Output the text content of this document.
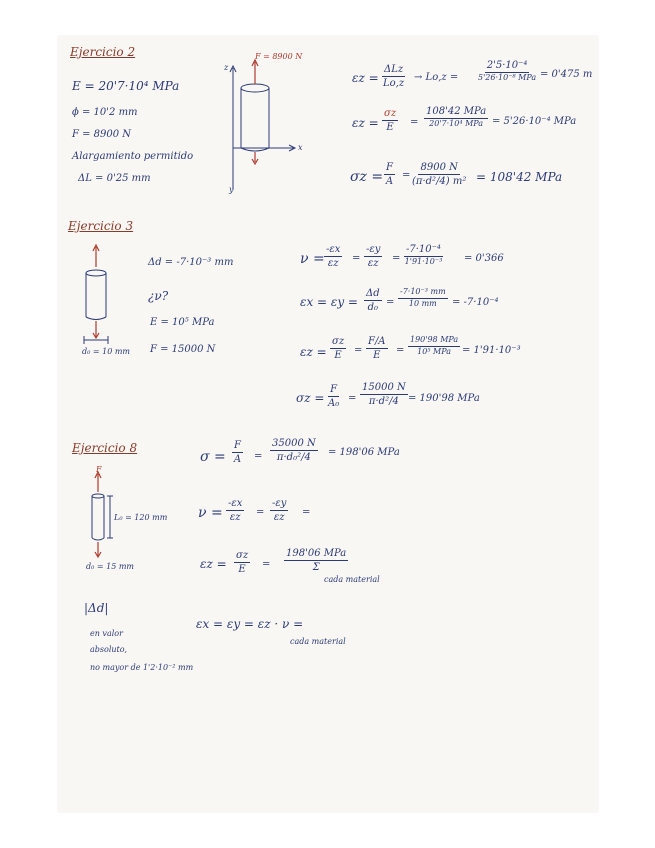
Ejercicio 2
E = 20'7·10⁴ MPa
ϕ = 10'2 mm
F = 8900 N
Alargamiento permitido
ΔL = 0'25 mm
F = 8900 N
z
x
y
εz =
ΔLz
Lo,z
→ Lo,z =
2'5·10⁻⁴
5'26·10⁻⁸ MPa = 0'475 m
$\varepsilon z = \frac{\sigma z}{E}$ =
108'42 MPa
20'7·10⁴ MPa = 5'26·10⁻⁴ MPa
$\sigma z = \frac{F}{A} = \frac{8900 N}{\text{(π·d²/4) m²}} = 108'42$ MPa
Ejercicio 3
d₀ = 10 mm
Δd = -7·10⁻³ mm
¿ν?
E = 10⁵ MPa
F = 15000 N
$\nu = \frac{-\varepsilon x}{\varepsilon z} = \frac{-\varepsilon y}{\varepsilon z}$ =
-7·10⁻⁴
1'91·10⁻³ = 0'366
$\varepsilon x = \varepsilon y = \frac{\Delta d}{\text{d₀}} = \frac{\text{-7·10⁻³ mm}}{10 mm} = -7\cdot 10^{-4}$
$\varepsilon z = \frac{\sigma z}{E} = \frac{F/A}{E}$ =
190'98 MPa
10⁵ MPa = 1'91·10⁻³
$\sigma z = \frac{F}{\text{A₀}} = \frac{15000 N}{\text{π·d²/4}} = 190'98$ MPa
Ejercicio 8
F
L₀ = 120 mm
d₀ = 15 mm
$\sigma = \frac{F}{A} = \frac{35000 N}{\text{π·d₀²/4}} = 198'06$ MPa
$\nu = \frac{-\varepsilon x}{\varepsilon z} = \frac{-\varepsilon y}{\varepsilon z}$ =
$\varepsilon z = \frac{\sigma z}{E}$ =
198'06 MPa
Σ
cada material
εx = εy = εz · ν =
cada material
|Δd|
en valor
absoluto,
no mayor de 1'2·10⁻² mm
